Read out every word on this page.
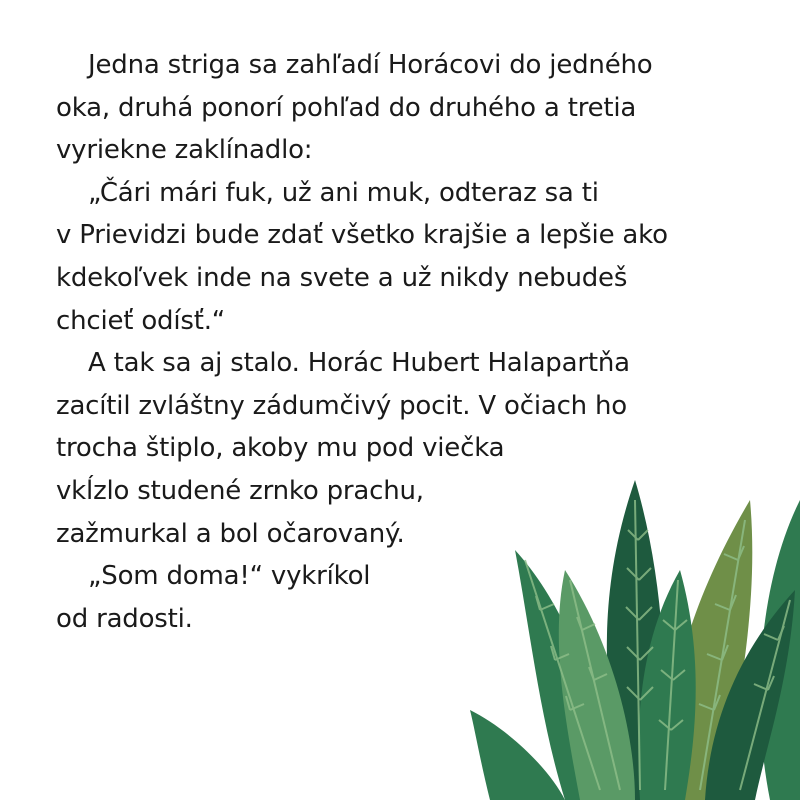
Jedna striga sa zahľadí Horácovi do jedného
oka, druhá ponorí pohľad do druhého a tretia
vyriekne zaklínadlo:
„Čári mári fuk, už ani muk, odteraz sa ti
v Prievidzi bude zdať všetko krajšie a lepšie ako
kdekoľvek inde na svete a už nikdy nebudeš
chcieť odísť.“
A tak sa aj stalo. Horác Hubert Halapartňa
zacítil zvláštny zádumčivý pocit. V očiach ho
trocha štiplo, akoby mu pod viečka
vkĺzlo studené zrnko prachu,
zažmurkal a bol očarovaný.
„Som doma!“ vykríkol
od radosti.
